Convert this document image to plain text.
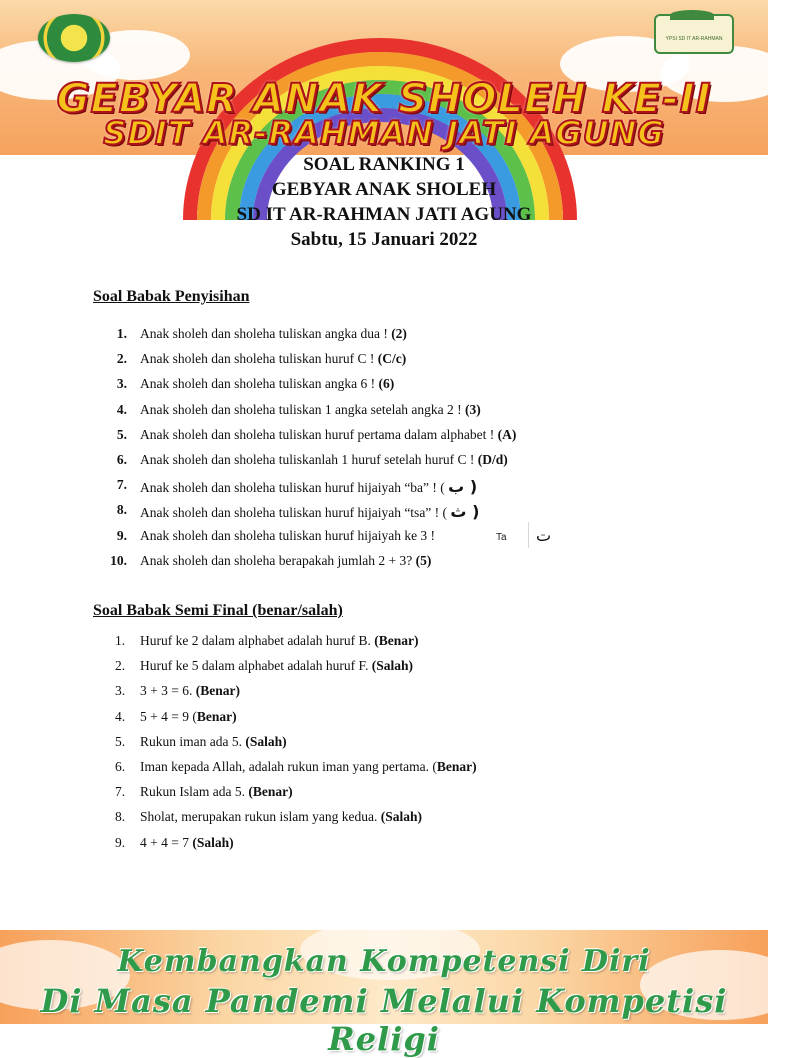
YPSI SD IT AR-RAHMAN
GEBYAR ANAK SHOLEH KE-II
SDIT AR-RAHMAN JATI AGUNG
SOAL RANKING 1
GEBYAR ANAK SHOLEH
SD IT AR-RAHMAN JATI AGUNG
Sabtu, 15 Januari 2022
Soal Babak Penyisihan
1. Anak sholeh dan sholeha tuliskan angka dua ! (2)
2. Anak sholeh dan sholeha tuliskan huruf C ! (C/c)
3. Anak sholeh dan sholeha tuliskan angka 6 ! (6)
4. Anak sholeh dan sholeha tuliskan 1 angka setelah angka 2 ! (3)
5. Anak sholeh dan sholeha tuliskan huruf pertama dalam alphabet ! (A)
6. Anak sholeh dan sholeha tuliskanlah 1 huruf setelah huruf C ! (D/d)
7. Anak sholeh dan sholeha tuliskan huruf hijaiyah “ba” ! ( ب )
8. Anak sholeh dan sholeha tuliskan huruf hijaiyah “tsa” ! ( ث )
9. Anak sholeh dan sholeha tuliskan huruf hijaiyah ke 3 !	Ta ت
10. Anak sholeh dan sholeha berapakah jumlah 2 + 3? (5)
Soal Babak Semi Final (benar/salah)
1.	Huruf ke 2 dalam alphabet adalah huruf B. (Benar)
2.	Huruf ke 5 dalam alphabet adalah huruf F. (Salah)
3.	3 + 3 = 6. (Benar)
4.	5 + 4 = 9 (Benar)
5.	Rukun iman ada 5. (Salah)
6.	Iman kepada Allah, adalah rukun iman yang pertama. (Benar)
7.	Rukun Islam ada 5. (Benar)
8.	Sholat, merupakan rukun islam yang kedua. (Salah)
9.	4 + 4 = 7 (Salah)
Kembangkan Kompetensi Diri
Di Masa Pandemi Melalui Kompetisi Religi
